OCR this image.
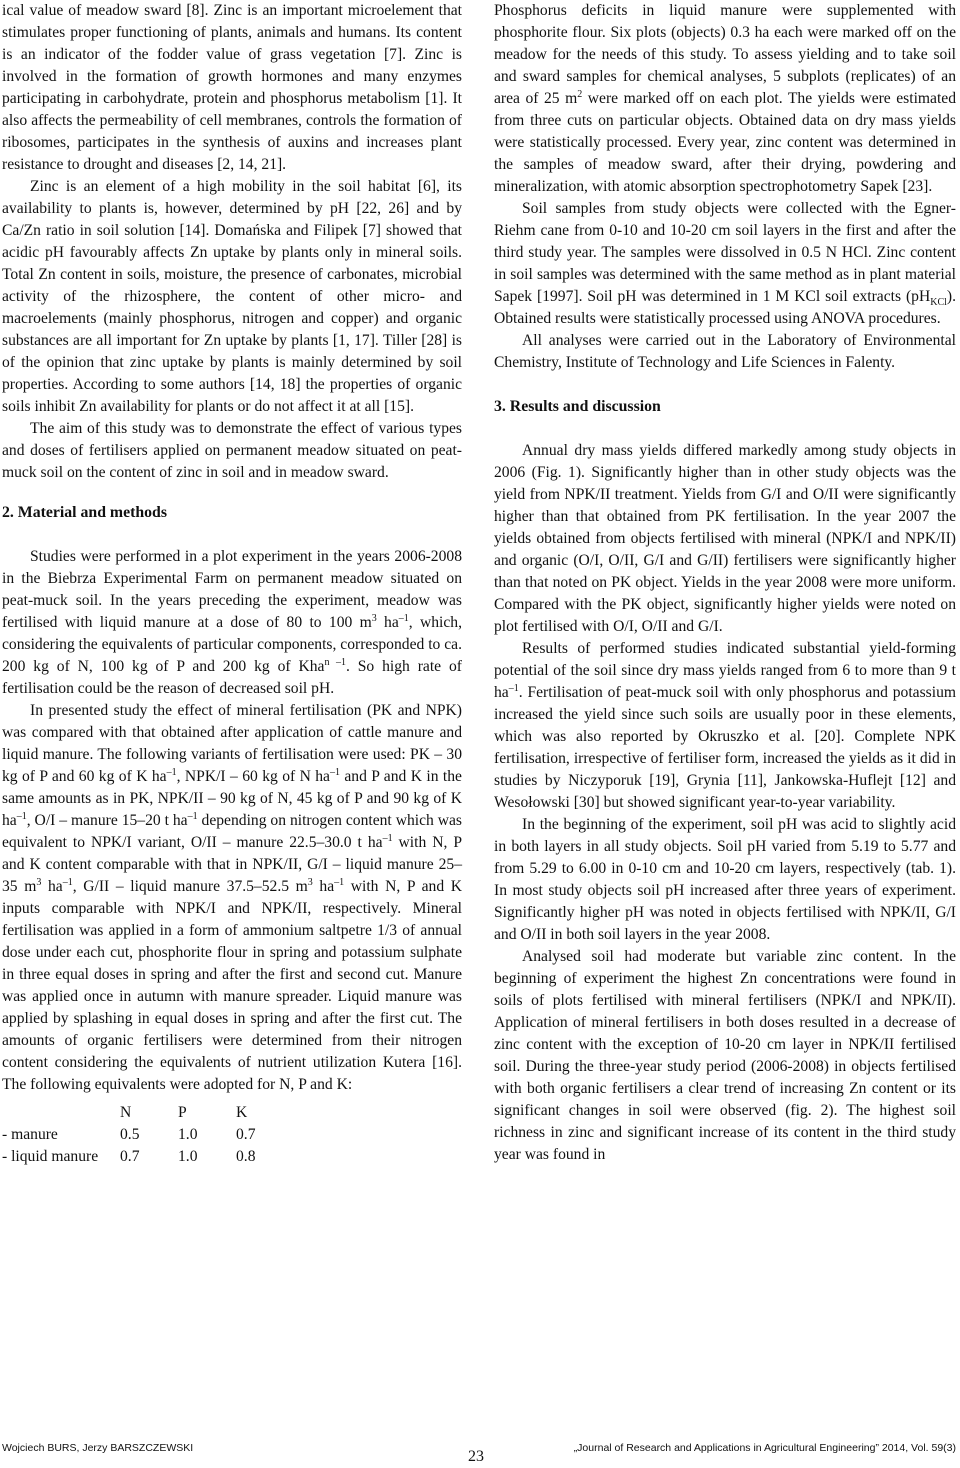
ical value of meadow sward [8]. Zinc is an important microelement that stimulates proper functioning of plants, animals and humans. Its content is an indicator of the fodder value of grass vegetation [7]. Zinc is involved in the formation of growth hormones and many enzymes participating in carbohydrate, protein and phosphorus metabolism [1]. It also affects the permeability of cell membranes, controls the formation of ribosomes, participates in the synthesis of auxins and increases plant resistance to drought and diseases [2, 14, 21].

Zinc is an element of a high mobility in the soil habitat [6], its availability to plants is, however, determined by pH [22, 26] and by Ca/Zn ratio in soil solution [14]. Domańska and Filipek [7] showed that acidic pH favourably affects Zn uptake by plants only in mineral soils. Total Zn content in soils, moisture, the presence of carbonates, microbial activity of the rhizosphere, the content of other micro- and macroelements (mainly phosphorus, nitrogen and copper) and organic substances are all important for Zn uptake by plants [1, 17]. Tiller [28] is of the opinion that zinc uptake by plants is mainly determined by soil properties. According to some authors [14, 18] the properties of organic soils inhibit Zn availability for plants or do not affect it at all [15].

The aim of this study was to demonstrate the effect of various types and doses of fertilisers applied on permanent meadow situated on peat-muck soil on the content of zinc in soil and in meadow sward.

2. Material and methods

Studies were performed in a plot experiment in the years 2006-2008 in the Biebrza Experimental Farm on permanent meadow situated on peat-muck soil. In the years preceding the experiment, meadow was fertilised with liquid manure at a dose of 80 to 100 $m^3$ $ha^{-1}$, which, considering the equivalents of particular components, corresponded to ca. 200 kg of N, 100 kg of P and 200 kg of Kha$^{n -1}$. So high rate of fertilisation could be the reason of decreased soil pH.

In presented study the effect of mineral fertilisation (PK and NPK) was compared with that obtained after application of cattle manure and liquid manure. The following variants of fertilisation were used: PK – 30 kg of P and 60 kg of K $ha^{-1}$, NPK/I – 60 kg of N $ha^{-1}$ and P and K in the same amounts as in PK, NPK/II – 90 kg of N, 45 kg of P and 90 kg of K $ha^{-1}$, O/I – manure 15–20 t $ha^{-1}$ depending on nitrogen content which was equivalent to NPK/I variant, O/II – manure 22.5–30.0 t $ha^{-1}$ with N, P and K content comparable with that in NPK/II, G/I – liquid manure 25–35 $m^3$ $ha^{-1}$, G/II – liquid manure 37.5–52.5 $m^3$ $ha^{-1}$ with N, P and K inputs comparable with NPK/I and NPK/II, respectively. Mineral fertilisation was applied in a form of ammonium saltpetre 1/3 of annual dose under each cut, phosphorite flour in spring and potassium sulphate in three equal doses in spring and after the first and second cut. Manure was applied once in autumn with manure spreader. Liquid manure was applied by splashing in equal doses in spring and after the first cut. The amounts of organic fertilisers were determined from their nitrogen content considering the equivalents of nutrient utilization Kutera [16]. The following equivalents were adopted for N, P and K:

	N	P	K
- manure	0.5	1.0	0.7
- liquid manure	0.7	1.0	0.8

Phosphorus deficits in liquid manure were supplemented with phosphorite flour. Six plots (objects) 0.3 ha each were marked off on the meadow for the needs of this study. To assess yielding and to take soil and sward samples for chemical analyses, 5 subplots (replicates) of an area of 25 $m^2$ were marked off on each plot. The yields were estimated from three cuts on particular objects. Obtained data on dry mass yields were statistically processed. Every year, zinc content was determined in the samples of meadow sward, after their drying, powdering and mineralization, with atomic absorption spectrophotometry Sapek [23].

Soil samples from study objects were collected with the Egner-Riehm cane from 0-10 and 10-20 cm soil layers in the first and after the third study year. The samples were dissolved in 0.5 N HCl. Zinc content in soil samples was determined with the same method as in plant material Sapek [1997]. Soil pH was determined in 1 M KCl soil extracts $(pH_{KCl})$. Obtained results were statistically processed using ANOVA procedures.

All analyses were carried out in the Laboratory of Environmental Chemistry, Institute of Technology and Life Sciences in Falenty.

3. Results and discussion

Annual dry mass yields differed markedly among study objects in 2006 (Fig. 1). Significantly higher than in other study objects was the yield from NPK/II treatment. Yields from G/I and O/II were significantly higher than that obtained from PK fertilisation. In the year 2007 the yields obtained from objects fertilised with mineral (NPK/I and NPK/II) and organic (O/I, O/II, G/I and G/II) fertilisers were significantly higher than that noted on PK object. Yields in the year 2008 were more uniform. Compared with the PK object, significantly higher yields were noted on plot fertilised with O/I, O/II and G/I.

Results of performed studies indicated substantial yield-forming potential of the soil since dry mass yields ranged from 6 to more than 9 t $ha^{-1}$. Fertilisation of peat-muck soil with only phosphorus and potassium increased the yield since such soils are usually poor in these elements, which was also reported by Okruszko et al. [20]. Complete NPK fertilisation, irrespective of fertiliser form, increased the yields as it did in studies by Niczyporuk [19], Grynia [11], Jankowska-Huflejt [12] and Wesołowski [30] but showed significant year-to-year variability.

In the beginning of the experiment, soil pH was acid to slightly acid in both layers in all study objects. Soil pH varied from 5.19 to 5.77 and from 5.29 to 6.00 in 0-10 cm and 10-20 cm layers, respectively (tab. 1). In most study objects soil pH increased after three years of experiment. Significantly higher pH was noted in objects fertilised with NPK/II, G/I and O/II in both soil layers in the year 2008.

Analysed soil had moderate but variable zinc content. In the beginning of experiment the highest Zn concentrations were found in soils of plots fertilised with mineral fertilisers (NPK/I and NPK/II). Application of mineral fertilisers in both doses resulted in a decrease of zinc content with the exception of 10-20 cm layer in NPK/II fertilised soil. During the three-year study period (2006-2008) in objects fertilised with both organic fertilisers a clear trend of increasing Zn content or its significant changes in soil were observed (fig. 2). The highest soil richness in zinc and significant increase of its content in the third study year was found in

Wojciech BURS, Jerzy BARSZCZEWSKI	23	„Journal of Research and Applications in Agricultural Engineering” 2014, Vol. 59(3)
